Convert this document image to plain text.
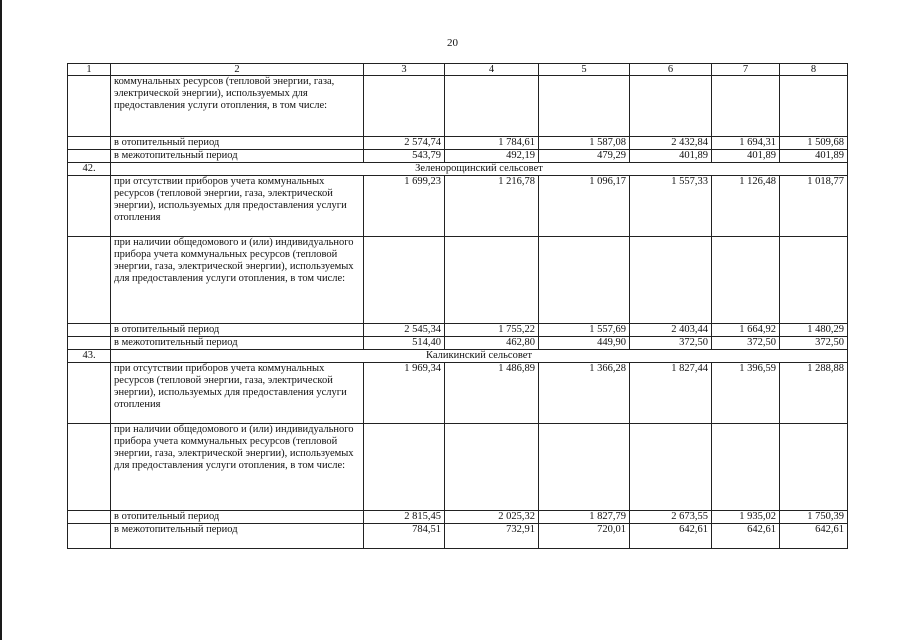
20
1	2	3	4	5	6	7	8
	коммунальных ресурсов (тепловой энергии, газа, электрической энергии), используемых для предоставления услуги отопления, в том числе:						
	в отопительный период	2 574,74	1 784,61	1 587,08	2 432,84	1 694,31	1 509,68
	в межотопительный период	543,79	492,19	479,29	401,89	401,89	401,89
42.	Зеленорощинский сельсовет						
	при отсутствии приборов учета коммунальных ресурсов (тепловой энергии, газа, электрической энергии), используемых для предоставления услуги отопления	1 699,23	1 216,78	1 096,17	1 557,33	1 126,48	1 018,77
	при наличии общедомового и (или) индивидуального прибора учета коммунальных ресурсов (тепловой энергии, газа, электрической энергии), используемых для предоставления услуги отопления, в том числе:						
	в отопительный период	2 545,34	1 755,22	1 557,69	2 403,44	1 664,92	1 480,29
	в межотопительный период	514,40	462,80	449,90	372,50	372,50	372,50
43.	Каликинский сельсовет						
	при отсутствии приборов учета коммунальных ресурсов (тепловой энергии, газа, электрической энергии), используемых для предоставления услуги отопления	1 969,34	1 486,89	1 366,28	1 827,44	1 396,59	1 288,88
	при наличии общедомового и (или) индивидуального прибора учета коммунальных ресурсов (тепловой энергии, газа, электрической энергии), используемых для предоставления услуги отопления, в том числе:						
	в отопительный период	2 815,45	2 025,32	1 827,79	2 673,55	1 935,02	1 750,39
	в межотопительный период	784,51	732,91	720,01	642,61	642,61	642,61
